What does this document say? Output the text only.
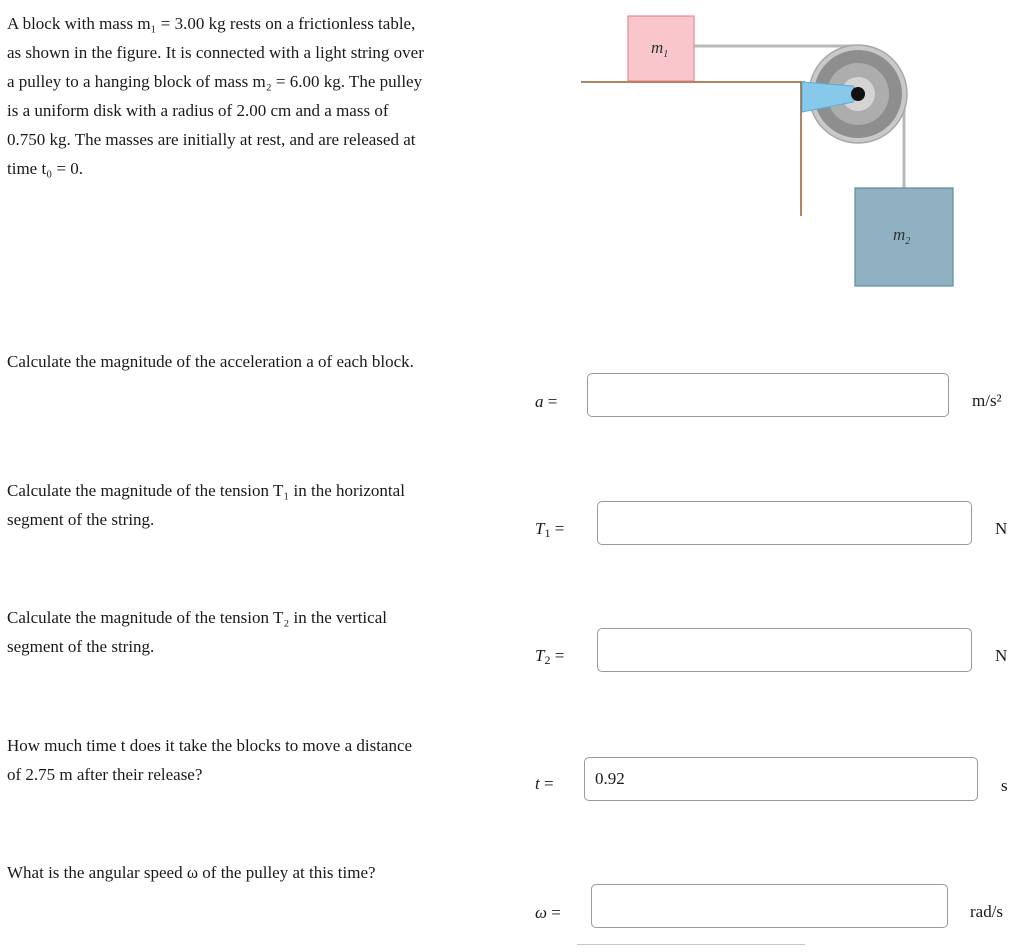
A block with mass m₁ = 3.00 kg rests on a frictionless table,
as shown in the figure. It is connected with a light string over
a pulley to a hanging block of mass m₂ = 6.00 kg. The pulley
is a uniform disk with a radius of 2.00 cm and a mass of
0.750 kg. The masses are initially at rest, and are released at
time t₀ = 0.
$m_1$
$m_2$
Calculate the magnitude of the acceleration a of each block.
a =	m/s²
Calculate the magnitude of the tension T₁ in the horizontal
segment of the string.	$T_1$ =	N
Calculate the magnitude of the tension T₂ in the vertical
segment of the string.	$T_2$ =	N
How much time t does it take the blocks to move a distance
of 2.75 m after their release?	t =
0.92	s
What is the angular speed ω of the pulley at this time?
ω =	rad/s
